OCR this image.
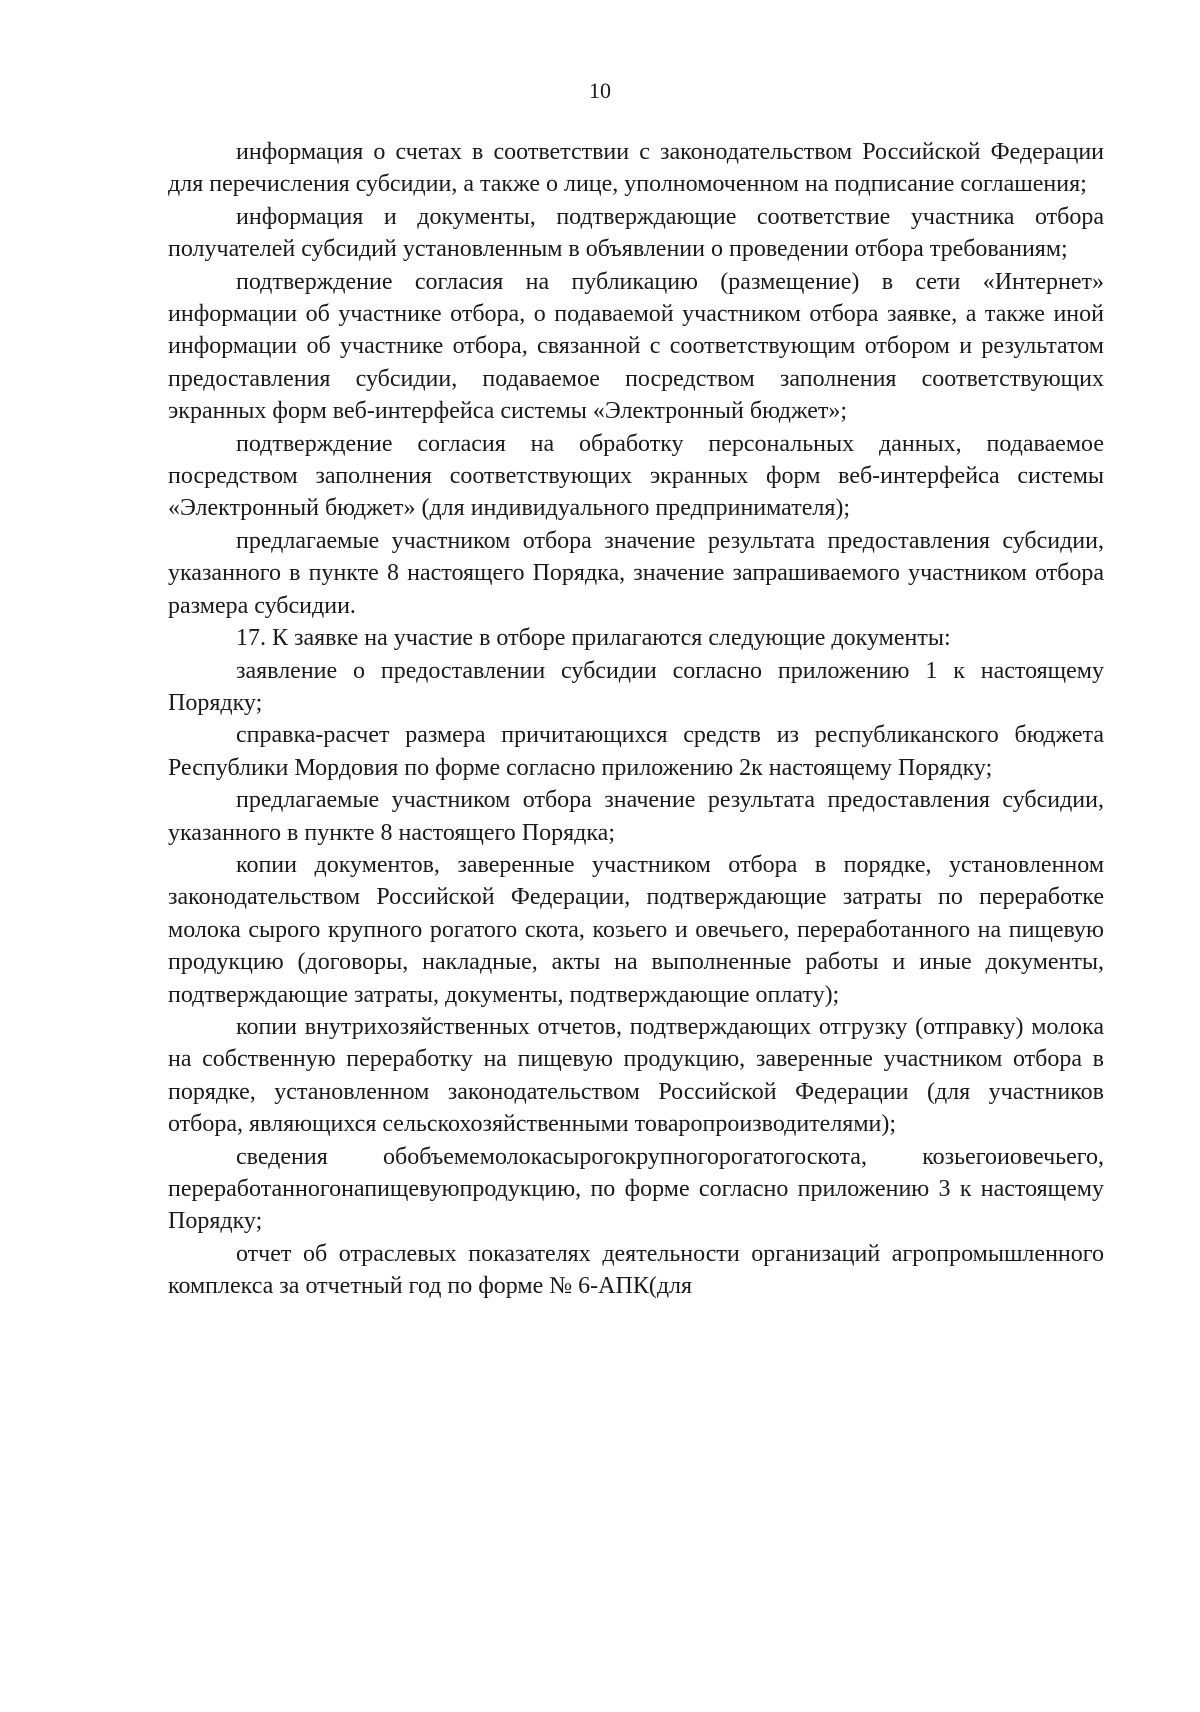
10

информация о счетах в соответствии с законодательством Российской Федерации для перечисления субсидии, а также о лице, уполномоченном на подписание соглашения;

информация и документы, подтверждающие соответствие участника отбора получателей субсидий установленным в объявлении о проведении отбора требованиям;

подтверждение согласия на публикацию (размещение) в сети «Интернет» информации об участнике отбора, о подаваемой участником отбора заявке, а также иной информации об участнике отбора, связанной с соответствующим отбором и результатом предоставления субсидии, подаваемое посредством заполнения соответствующих экранных форм веб-интерфейса системы «Электронный бюджет»;

подтверждение согласия на обработку персональных данных, подаваемое посредством заполнения соответствующих экранных форм веб-интерфейса системы «Электронный бюджет» (для индивидуального предпринимателя);

предлагаемые участником отбора значение результата предоставления субсидии, указанного в пункте 8 настоящего Порядка, значение запрашиваемого участником отбора размера субсидии.

17. К заявке на участие в отборе прилагаются следующие документы:

заявление о предоставлении субсидии согласно приложению 1 к настоящему Порядку;

справка-расчет размера причитающихся средств из республиканского бюджета Республики Мордовия по форме согласно приложению 2к настоящему Порядку;

предлагаемые участником отбора значение результата предоставления субсидии, указанного в пункте 8 настоящего Порядка;

копии документов, заверенные участником отбора в порядке, установленном законодательством Российской Федерации, подтверждающие затраты по переработке молока сырого крупного рогатого скота, козьего и овечьего, переработанного на пищевую продукцию (договоры, накладные, акты на выполненные работы и иные документы, подтверждающие затраты, документы, подтверждающие оплату);

копии внутрихозяйственных отчетов, подтверждающих отгрузку (отправку) молока на собственную переработку на пищевую продукцию, заверенные участником отбора в порядке, установленном законодательством Российской Федерации (для участников отбора, являющихся сельскохозяйственными товаропроизводителями);

сведения обобъемемолокасырогокрупногорогатогоскота, козьегоиовечьего, переработанногонапищевуюпродукцию, по форме согласно приложению 3 к настоящему Порядку;

отчет об отраслевых показателях деятельности организаций агропромышленного комплекса за отчетный год по форме № 6-АПК(для
